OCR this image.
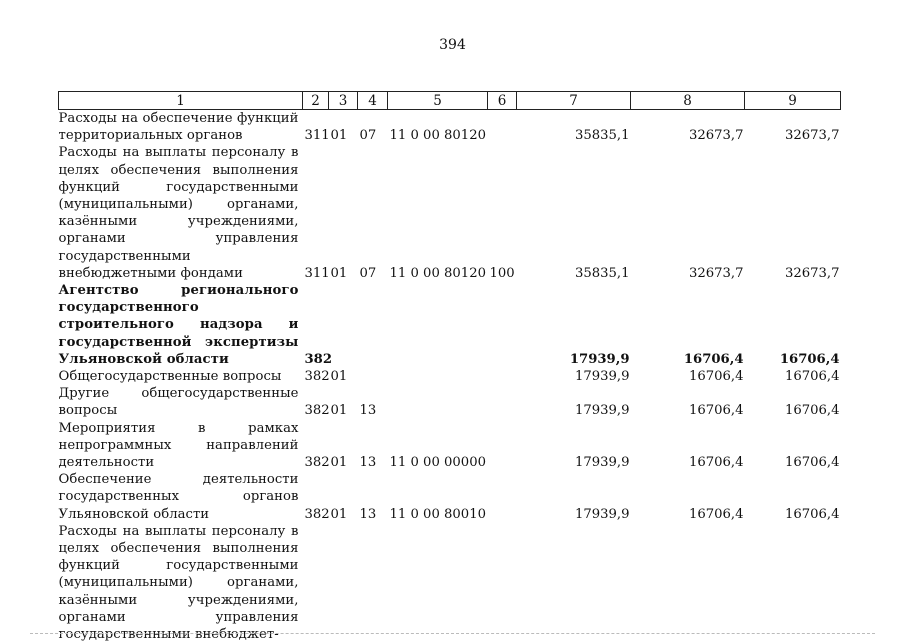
394
1	2	3	4	5	6	7	8	9
Расходы на обеспечение функций территориальных органов	311	01	07	11 0 00 80120		35835,1	32673,7	32673,7
Расходы на выплаты персоналу в целях обеспечения выполнения функций государственными (муниципальными) органами, казёнными учреждениями, органами управления государственными внебюджетными фондами	311	01	07	11 0 00 80120	100	35835,1	32673,7	32673,7
Агентство регионального государственного строительного надзора и государственной экспертизы Ульяновской области	382					17939,9	16706,4	16706,4
Общегосударственные вопросы	382	01				17939,9	16706,4	16706,4
Другие общегосударственные вопросы	382	01	13			17939,9	16706,4	16706,4
Мероприятия в рамках непрограммных направлений деятельности	382	01	13	11 0 00 00000		17939,9	16706,4	16706,4
Обеспечение деятельности государственных органов Ульяновской области	382	01	13	11 0 00 80010		17939,9	16706,4	16706,4
Расходы на выплаты персоналу в целях обеспечения выполнения функций государственными (муниципальными) органами, казёнными учреждениями, органами управления государственными внебюджет-								
